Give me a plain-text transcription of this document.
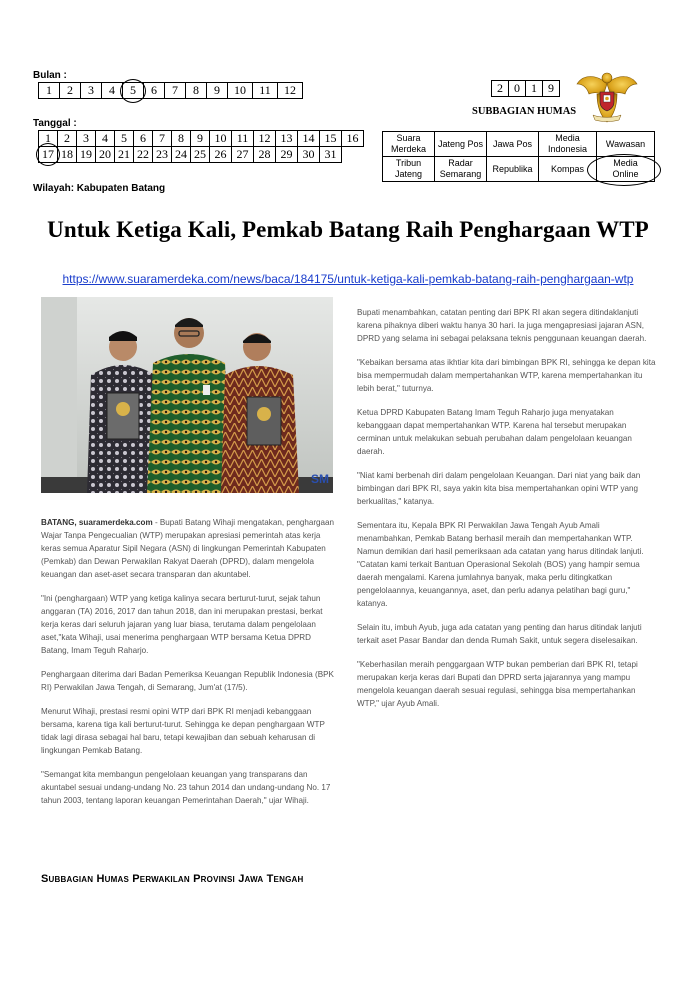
Bulan :
1	2	3	4	5	6	7	8	9	10	11	12	2	0	1	9
SUBBAGIAN HUMAS
Tanggal :
1	2	3	4	5	6	7	8	9	10	11	12	13	14	15	16
17	18	19	20	21	22	23	24	25	26	27	28	29	30	31	
Suara Merdeka	Jateng Pos	Jawa Pos	Media Indonesia	Wawasan
Tribun Jateng	Radar Semarang	Republika	Kompas	Media Online
Wilayah: Kabupaten Batang
Untuk Ketiga Kali, Pemkab Batang Raih Penghargaan WTP
https://www.suaramerdeka.com/news/baca/184175/untuk-ketiga-kali-pemkab-batang-raih-penghargaan-wtp
SM

BATANG, suaramerdeka.com - Bupati Batang Wihaji mengatakan, penghargaan Wajar Tanpa Pengecualian (WTP) merupakan apresiasi pemerintah atas kerja keras semua Aparatur Sipil Negara (ASN) di lingkungan Pemerintah Kabupaten (Pemkab) dan Dewan Perwakilan Rakyat Daerah (DPRD), dalam mengelola keuangan dan aset-aset secara transparan dan akuntabel.

"Ini (penghargaan) WTP yang ketiga kalinya secara berturut-turut, sejak tahun anggaran (TA) 2016, 2017 dan tahun 2018, dan ini merupakan prestasi, berkat kerja keras dari seluruh jajaran yang luar biasa, terutama dalam pengelolaan aset,"kata Wihaji, usai menerima penghargaan WTP bersama Ketua DPRD Batang, Imam Teguh Raharjo.

Penghargaan diterima dari Badan Pemeriksa Keuangan Republik Indonesia (BPK RI) Perwakilan Jawa Tengah, di Semarang, Jum'at (17/5).

Menurut Wihaji, prestasi resmi opini WTP dari BPK RI menjadi kebanggaan bersama, karena tiga kali berturut-turut. Sehingga ke depan penghargaan WTP tidak lagi dirasa sebagai hal baru, tetapi kewajiban dan sebuah keharusan di lingkungan Pemkab Batang.

"Semangat kita membangun pengelolaan keuangan yang transparans dan akuntabel sesuai undang-undang No. 23 tahun 2014 dan undang-undang No. 17 tahun 2003, tentang laporan keuangan Pemerintahan Daerah," ujar Wihaji.

Bupati menambahkan, catatan penting dari BPK RI akan segera ditindaklanjuti karena pihaknya diberi waktu hanya 30 hari. Ia juga mengapresiasi jajaran ASN, DPRD yang selama ini sebagai pelaksana teknis penggunaan keuangan daerah.

"Kebaikan bersama atas ikhtiar kita dari bimbingan BPK RI, sehingga ke depan kita bisa mempermudah dalam mempertahankan WTP, karena mempertahankan itu lebih berat," tuturnya.

Ketua DPRD Kabupaten Batang Imam Teguh Raharjo juga menyatakan kebanggaan dapat mempertahankan WTP. Karena hal tersebut merupakan cerminan untuk melakukan sebuah perubahan dalam pengelolaan keuangan daerah.

"Niat kami berbenah diri dalam pengelolaan Keuangan. Dari niat yang baik dan bimbingan dari BPK RI, saya yakin kita bisa mempertahankan opini WTP yang berkualitas," katanya.

Sementara itu, Kepala BPK RI Perwakilan Jawa Tengah Ayub Amali menambahkan, Pemkab Batang berhasil meraih dan mempertahankan WTP. Namun demikian dari hasil pemeriksaan ada catatan yang harus ditindak lanjuti.

"Catatan kami terkait Bantuan Operasional Sekolah (BOS) yang hampir semua daerah mengalami. Karena jumlahnya banyak, maka perlu ditingkatkan pengelolaannya, keuangannya, aset, dan perlu adanya pelatihan bagi guru," katanya.

Selain itu, imbuh Ayub, juga ada catatan yang penting dan harus ditindak lanjuti terkait aset Pasar Bandar dan denda Rumah Sakit, untuk segera diselesaikan.

"Keberhasilan meraih penggargaan WTP bukan pemberian dari BPK RI, tetapi merupakan kerja keras dari Bupati dan DPRD serta jajarannya yang mampu mengelola keuangan daerah sesuai regulasi, sehingga bisa mempertahankan WTP," ujar Ayub Amali.

Subbagian Humas Perwakilan Provinsi Jawa Tengah
